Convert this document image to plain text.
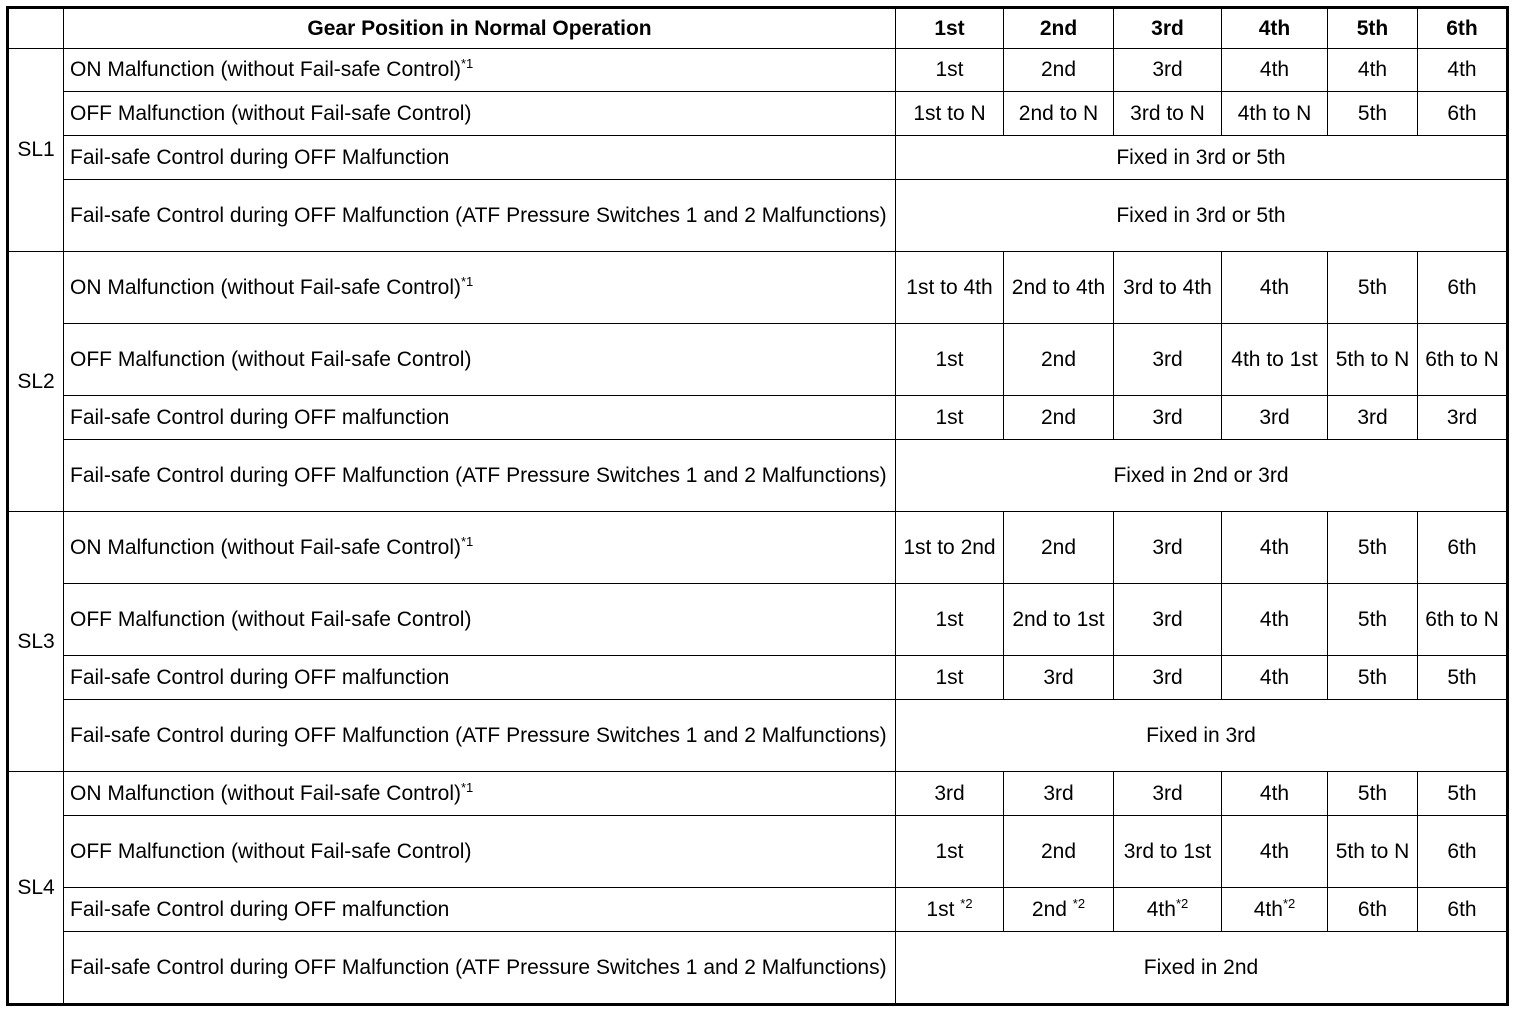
	Gear Position in Normal Operation	1st	2nd	3rd	4th	5th	6th
SL1	ON Malfunction (without Fail-safe Control)$^{*1}$	1st	2nd	3rd	4th	4th	4th
	OFF Malfunction (without Fail-safe Control)	1st to N	2nd to N	3rd to N	4th to N	5th	6th
	Fail-safe Control during OFF Malfunction	Fixed in 3rd or 5th					
	Fail-safe Control during OFF Malfunction (ATF Pressure Switches 1 and 2 Malfunctions)	Fixed in 3rd or 5th					
SL2	ON Malfunction (without Fail-safe Control)$^{*1}$	1st to 4th	2nd to 4th	3rd to 4th	4th	5th	6th
	OFF Malfunction (without Fail-safe Control)	1st	2nd	3rd	4th to 1st	5th to N	6th to N
	Fail-safe Control during OFF malfunction	1st	2nd	3rd	3rd	3rd	3rd
	Fail-safe Control during OFF Malfunction (ATF Pressure Switches 1 and 2 Malfunctions)	Fixed in 2nd or 3rd					
SL3	ON Malfunction (without Fail-safe Control)$^{*1}$	1st to 2nd	2nd	3rd	4th	5th	6th
	OFF Malfunction (without Fail-safe Control)	1st	2nd to 1st	3rd	4th	5th	6th to N
	Fail-safe Control during OFF malfunction	1st	3rd	3rd	4th	5th	5th
	Fail-safe Control during OFF Malfunction (ATF Pressure Switches 1 and 2 Malfunctions)	Fixed in 3rd					
SL4	ON Malfunction (without Fail-safe Control)$^{*1}$	3rd	3rd	3rd	4th	5th	5th
	OFF Malfunction (without Fail-safe Control)	1st	2nd	3rd to 1st	4th	5th to N	6th
	Fail-safe Control during OFF malfunction	1st $^{*2}$	2nd $^{*2}$	$4th^{*2}$	$4th^{*2}$	6th	6th
	Fail-safe Control during OFF Malfunction (ATF Pressure Switches 1 and 2 Malfunctions)	Fixed in 2nd					
